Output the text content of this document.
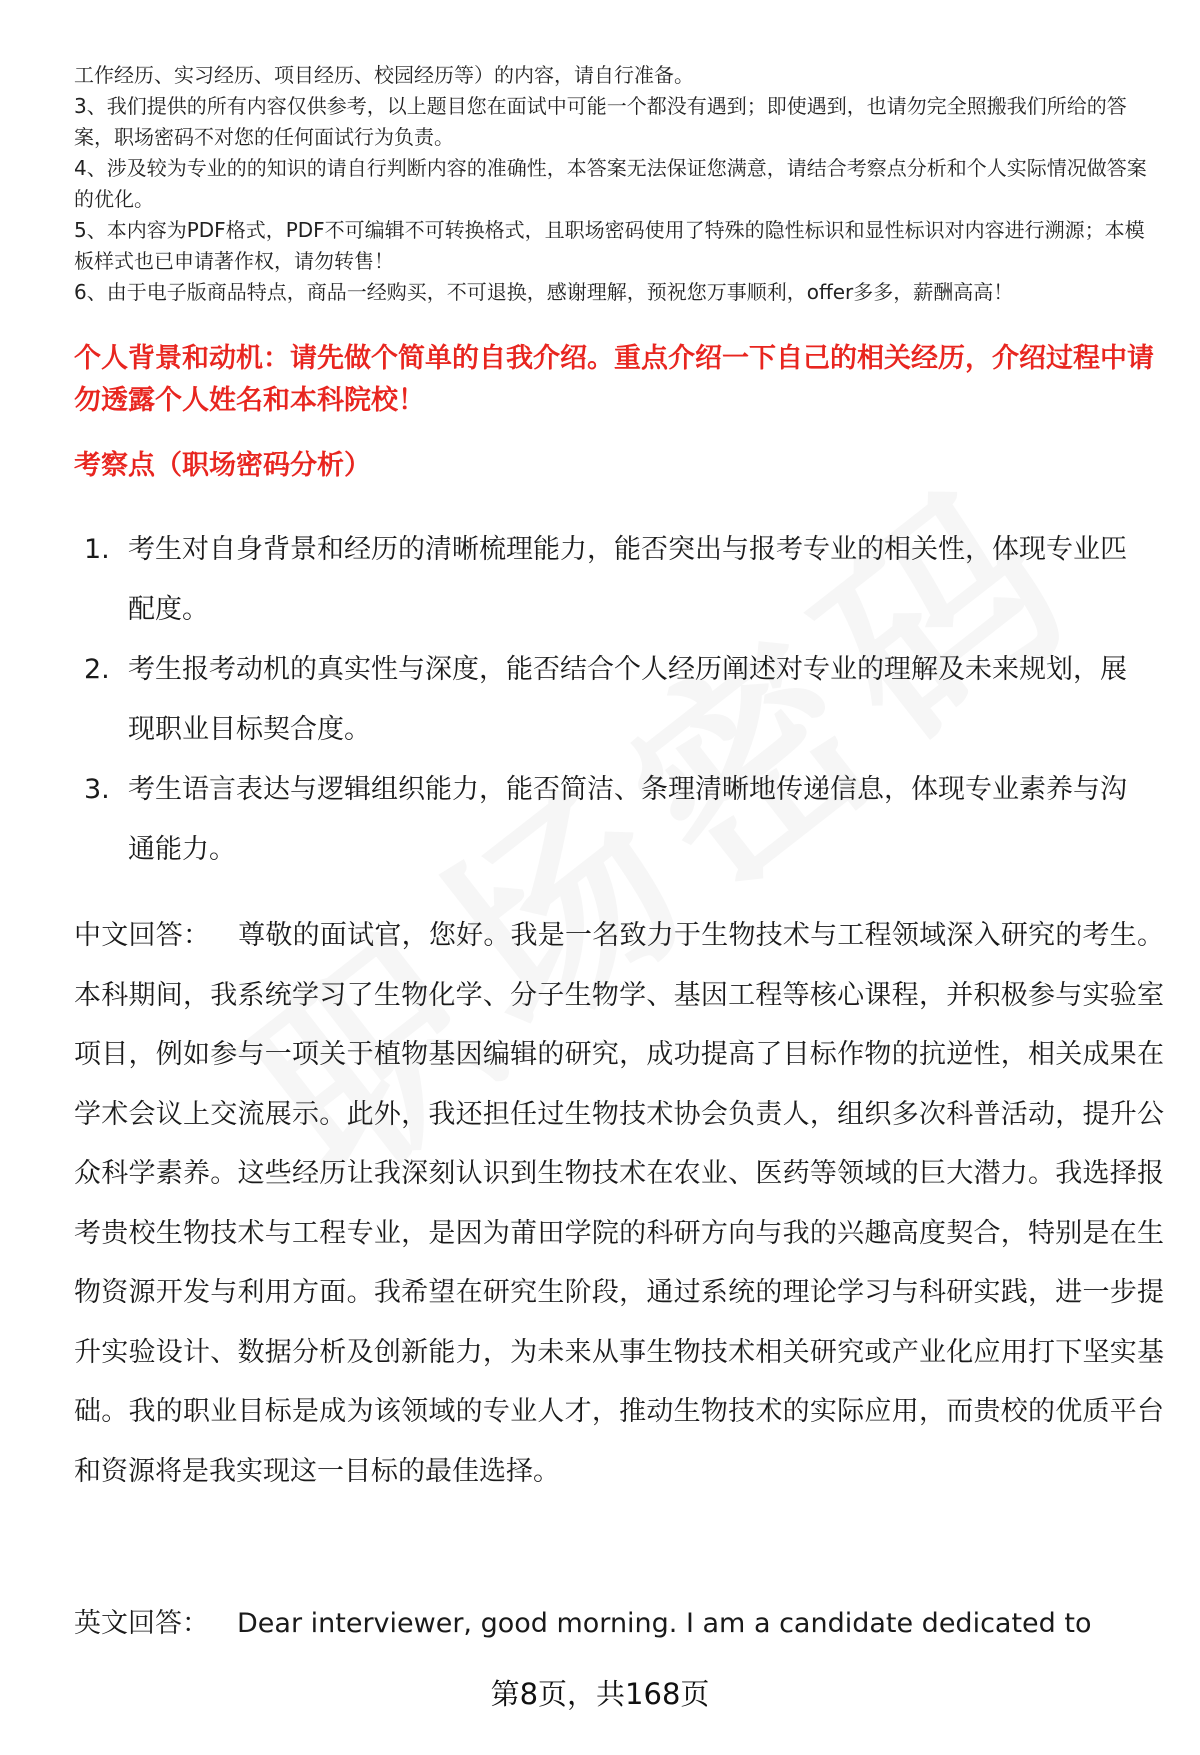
工作经历、实习经历、项目经历、校园经历等）的内容，请自行准备。

3、我们提供的所有内容仅供参考，以上题目您在面试中可能一个都没有遇到；即使遇到，也请勿完全照搬我们所给的答案，职场密码不对您的任何面试行为负责。

4、涉及较为专业的的知识的请自行判断内容的准确性，本答案无法保证您满意，请结合考察点分析和个人实际情况做答案的优化。

5、本内容为PDF格式，PDF不可编辑不可转换格式，且职场密码使用了特殊的隐性标识和显性标识对内容进行溯源；本模板样式也已申请著作权，请勿转售！

6、由于电子版商品特点，商品一经购买，不可退换，感谢理解，预祝您万事顺利，offer多多，薪酬高高！

个人背景和动机：请先做个简单的自我介绍。重点介绍一下自己的相关经历，介绍过程中请勿透露个人姓名和本科院校！

考察点（职场密码分析）

1. 考生对自身背景和经历的清晰梳理能力，能否突出与报考专业的相关性，体现专业匹配度。
2. 考生报考动机的真实性与深度，能否结合个人经历阐述对专业的理解及未来规划，展现职业目标契合度。
3. 考生语言表达与逻辑组织能力，能否简洁、条理清晰地传递信息，体现专业素养与沟通能力。

中文回答： 尊敬的面试官，您好。我是一名致力于生物技术与工程领域深入研究的考生。本科期间，我系统学习了生物化学、分子生物学、基因工程等核心课程，并积极参与实验室项目，例如参与一项关于植物基因编辑的研究，成功提高了目标作物的抗逆性，相关成果在学术会议上交流展示。此外，我还担任过生物技术协会负责人，组织多次科普活动，提升公众科学素养。这些经历让我深刻认识到生物技术在农业、医药等领域的巨大潜力。我选择报考贵校生物技术与工程专业，是因为莆田学院的科研方向与我的兴趣高度契合，特别是在生物资源开发与利用方面。我希望在研究生阶段，通过系统的理论学习与科研实践，进一步提升实验设计、数据分析及创新能力，为未来从事生物技术相关研究或产业化应用打下坚实基础。我的职业目标是成为该领域的专业人才，推动生物技术的实际应用，而贵校的优质平台和资源将是我实现这一目标的最佳选择。

英文回答： Dear interviewer, good morning. I am a candidate dedicated to

第8页，共168页
